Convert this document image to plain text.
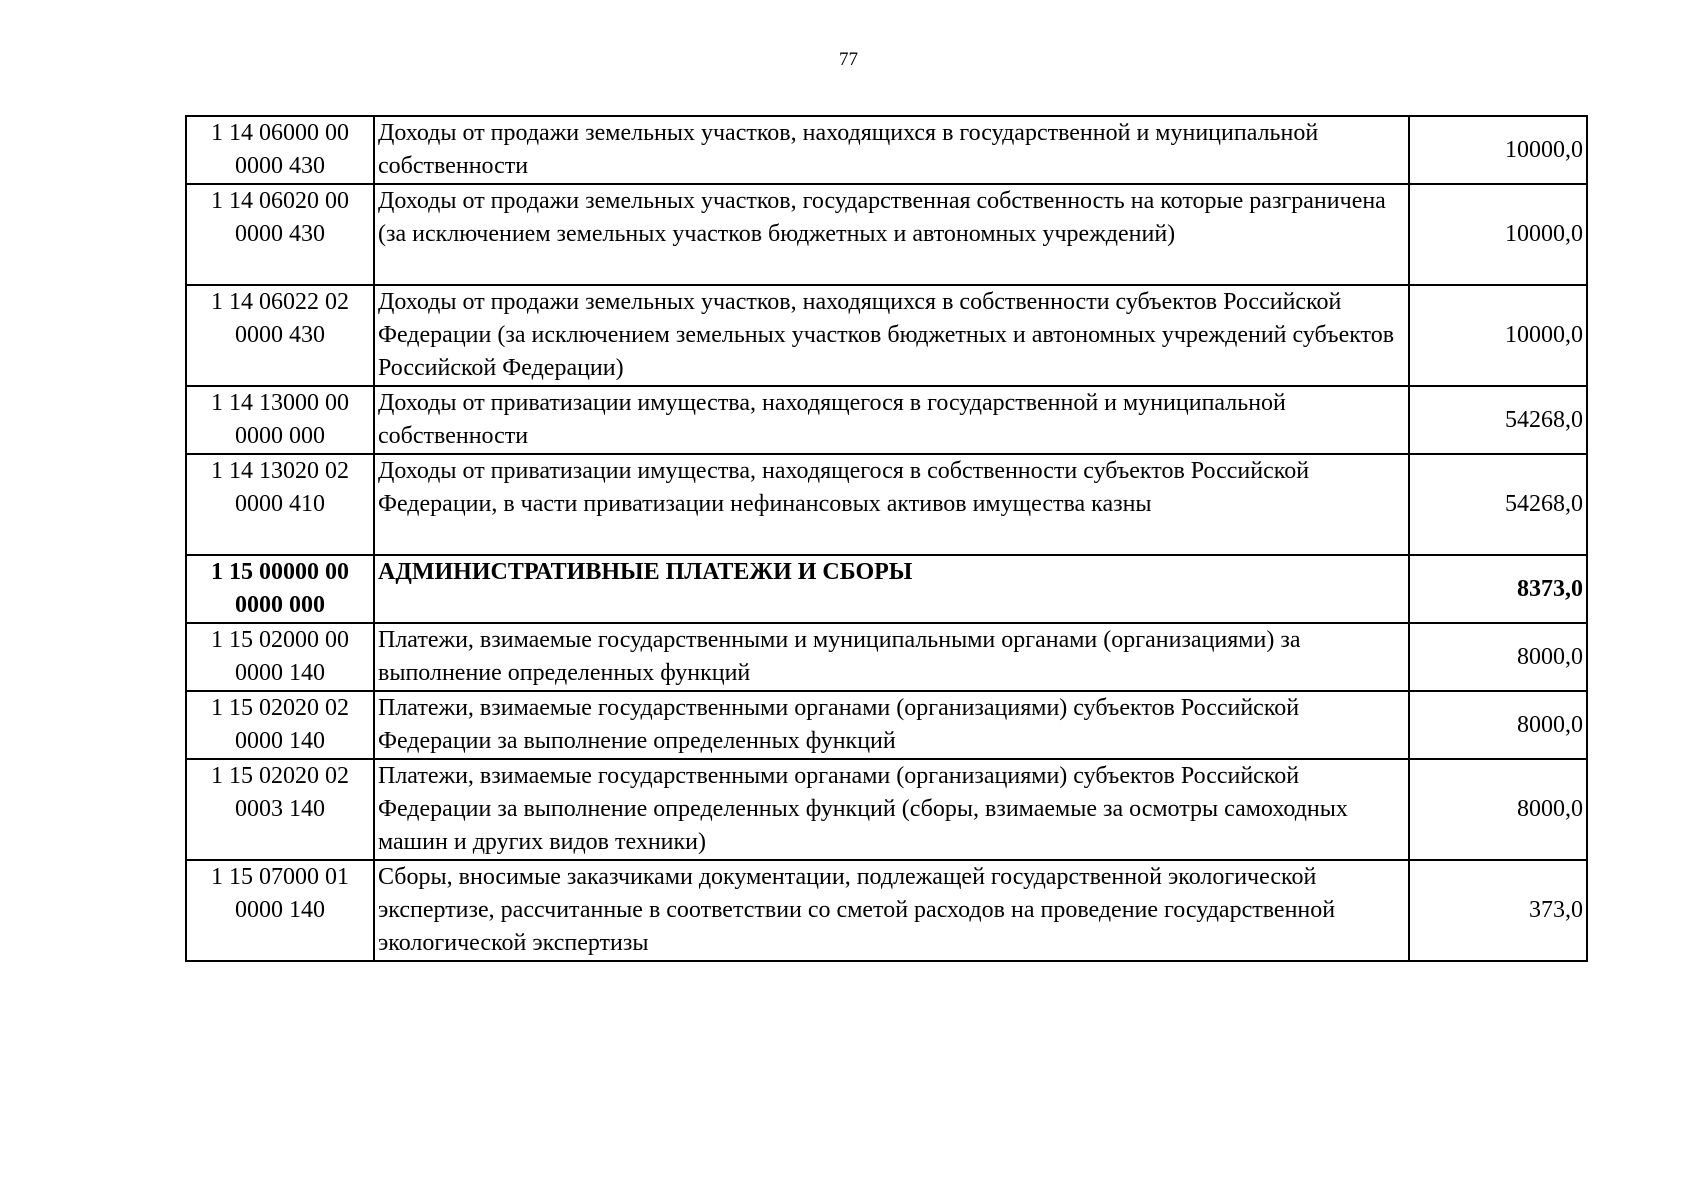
77
1 14 06000 00 0000 430	Доходы от продажи земельных участков, находящихся в государственной и муниципальной собственности	10000,0
1 14 06020 00 0000 430	Доходы от продажи земельных участков, государственная собственность на которые разграничена (за исключением земельных участков бюджетных и автономных учреждений)	10000,0
1 14 06022 02 0000 430	Доходы от продажи земельных участков, находящихся в собственности субъектов Российской Федерации (за исключением земельных участков бюджетных и автономных учреждений субъектов Российской Федерации)	10000,0
1 14 13000 00 0000 000	Доходы от приватизации имущества, находящегося в государственной и муниципальной собственности	54268,0
1 14 13020 02 0000 410	Доходы от приватизации имущества, находящегося в собственности субъектов Российской Федерации, в части приватизации нефинансовых активов имущества казны	54268,0
1 15 00000 00 0000 000	АДМИНИСТРАТИВНЫЕ ПЛАТЕЖИ И СБОРЫ	8373,0
1 15 02000 00 0000 140	Платежи, взимаемые государственными и муниципальными органами (организациями) за выполнение определенных функций	8000,0
1 15 02020 02 0000 140	Платежи, взимаемые государственными органами (организациями) субъектов Российской Федерации за выполнение определенных функций	8000,0
1 15 02020 02 0003 140	Платежи, взимаемые государственными органами (организациями) субъектов Российской Федерации за выполнение определенных функций (сборы, взимаемые за осмотры самоходных машин и других видов техники)	8000,0
1 15 07000 01 0000 140	Сборы, вносимые заказчиками документации, подлежащей государственной экологической экспертизе, рассчитанные в соответствии со сметой расходов на проведение государственной экологической экспертизы	373,0
